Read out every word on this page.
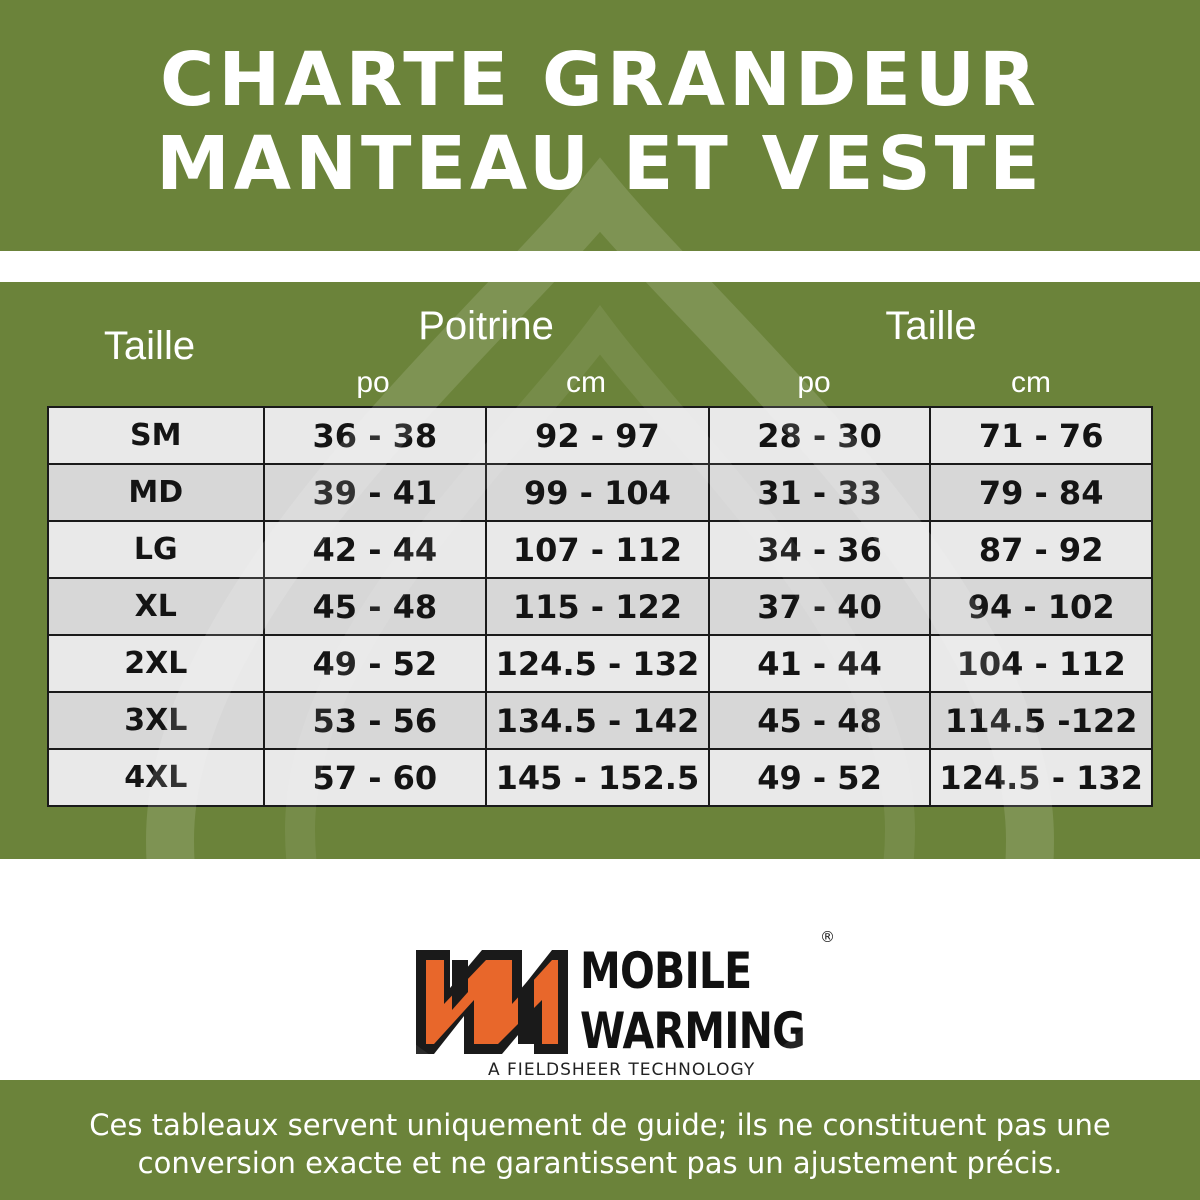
CHARTE GRANDEUR
MANTEAU ET VESTE
Taille	Poitrine	Taille
po	cm	po	cm
SM	36 - 38	92 - 97	28 - 30	71 - 76
MD	39 - 41	99 - 104	31 - 33	79 - 84
LG	42 - 44	107 - 112	34 - 36	87 - 92
XL	45 - 48	115 - 122	37 - 40	94 - 102
2XL	49 - 52	124.5 - 132	41 - 44	104 - 112
3XL	53 - 56	134.5 - 142	45 - 48	114.5 -122
4XL	57 - 60	145 - 152.5	49 - 52	124.5 - 132
MOBILE
WARMING
®
A FIELDSHEER TECHNOLOGY
Ces tableaux servent uniquement de guide; ils ne constituent pas une
conversion exacte et ne garantissent pas un ajustement précis.
